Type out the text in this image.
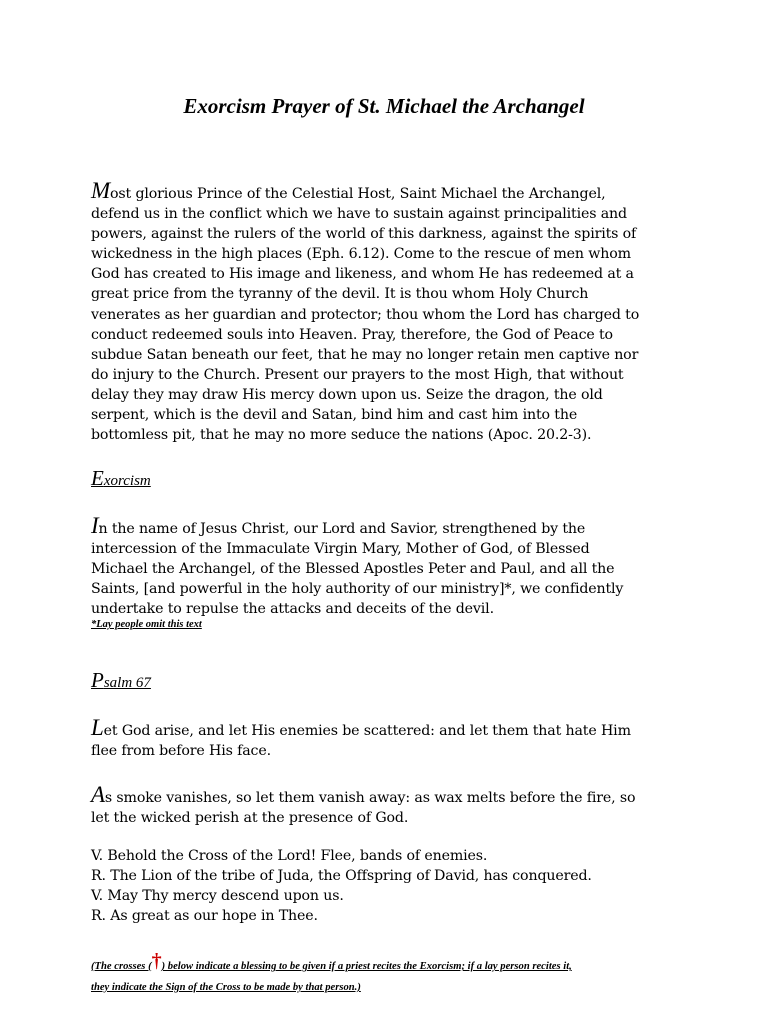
Exorcism Prayer of St. Michael the Archangel
Most glorious Prince of the Celestial Host, Saint Michael the Archangel,
defend us in the conflict which we have to sustain against principalities and
powers, against the rulers of the world of this darkness, against the spirits of
wickedness in the high places (Eph. 6.12). Come to the rescue of men whom
God has created to His image and likeness, and whom He has redeemed at a
great price from the tyranny of the devil. It is thou whom Holy Church
venerates as her guardian and protector; thou whom the Lord has charged to
conduct redeemed souls into Heaven. Pray, therefore, the God of Peace to
subdue Satan beneath our feet, that he may no longer retain men captive nor
do injury to the Church. Present our prayers to the most High, that without
delay they may draw His mercy down upon us. Seize the dragon, the old
serpent, which is the devil and Satan, bind him and cast him into the
bottomless pit, that he may no more seduce the nations (Apoc. 20.2-3).
Exorcism
In the name of Jesus Christ, our Lord and Savior, strengthened by the
intercession of the Immaculate Virgin Mary, Mother of God, of Blessed
Michael the Archangel, of the Blessed Apostles Peter and Paul, and all the
Saints, [and powerful in the holy authority of our ministry]*, we confidently
undertake to repulse the attacks and deceits of the devil.
*Lay people omit this text
Psalm 67
Let God arise, and let His enemies be scattered: and let them that hate Him
flee from before His face.
As smoke vanishes, so let them vanish away: as wax melts before the fire, so
let the wicked perish at the presence of God.
V. Behold the Cross of the Lord! Flee, bands of enemies.
R. The Lion of the tribe of Juda, the Offspring of David, has conquered.
V. May Thy mercy descend upon us.
R. As great as our hope in Thee.
(The crosses (†) below indicate a blessing to be given if a priest recites the Exorcism; if a lay person recites it,
they indicate the Sign of the Cross to be made by that person.)
